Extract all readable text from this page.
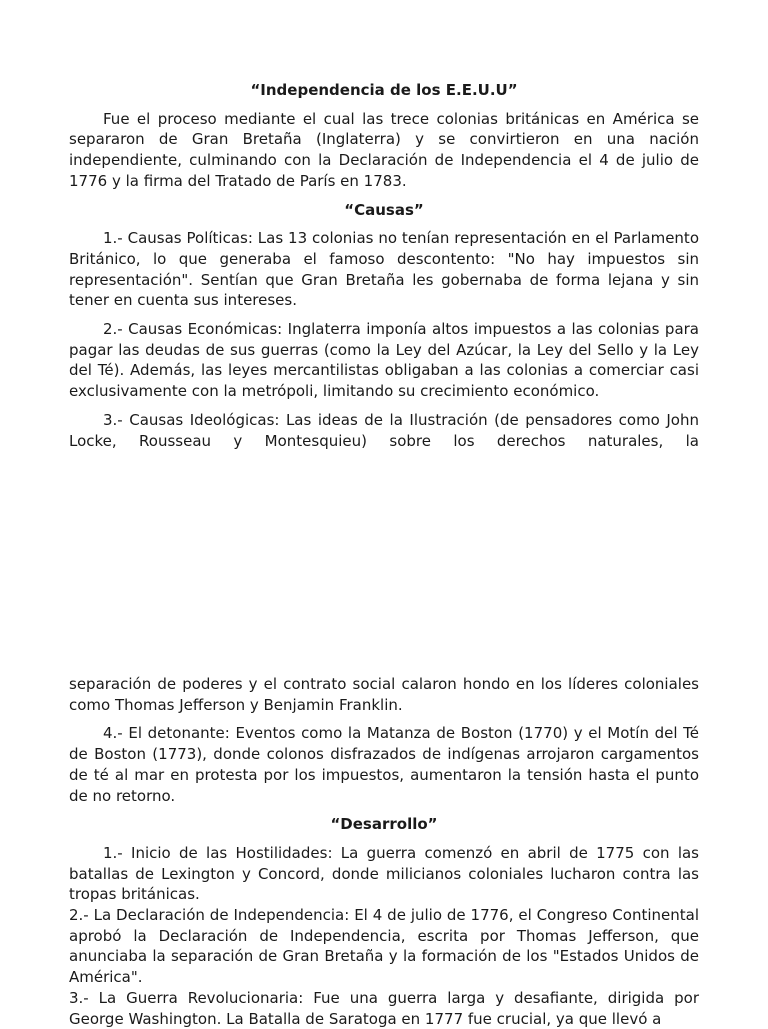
“Independencia de los E.E.U.U”

Fue el proceso mediante el cual las trece colonias británicas en América se separaron de Gran Bretaña (Inglaterra) y se convirtieron en una nación independiente, culminando con la Declaración de Independencia el 4 de julio de 1776 y la firma del Tratado de París en 1783.

“Causas”

1.- Causas Políticas: Las 13 colonias no tenían representación en el Parlamento Británico, lo que generaba el famoso descontento: "No hay impuestos sin representación". Sentían que Gran Bretaña les gobernaba de forma lejana y sin tener en cuenta sus intereses.

2.- Causas Económicas: Inglaterra imponía altos impuestos a las colonias para pagar las deudas de sus guerras (como la Ley del Azúcar, la Ley del Sello y la Ley del Té). Además, las leyes mercantilistas obligaban a las colonias a comerciar casi exclusivamente con la metrópoli, limitando su crecimiento económico.

3.- Causas Ideológicas: Las ideas de la Ilustración (de pensadores como John Locke, Rousseau y Montesquieu) sobre los derechos naturales, la

separación de poderes y el contrato social calaron hondo en los líderes coloniales como Thomas Jefferson y Benjamin Franklin.

4.- El detonante: Eventos como la Matanza de Boston (1770) y el Motín del Té de Boston (1773), donde colonos disfrazados de indígenas arrojaron cargamentos de té al mar en protesta por los impuestos, aumentaron la tensión hasta el punto de no retorno.

“Desarrollo”

1.- Inicio de las Hostilidades: La guerra comenzó en abril de 1775 con las batallas de Lexington y Concord, donde milicianos coloniales lucharon contra las tropas británicas.

2.- La Declaración de Independencia: El 4 de julio de 1776, el Congreso Continental aprobó la Declaración de Independencia, escrita por Thomas Jefferson, que anunciaba la separación de Gran Bretaña y la formación de los "Estados Unidos de América".

3.- La Guerra Revolucionaria: Fue una guerra larga y desafiante, dirigida por George Washington. La Batalla de Saratoga en 1777 fue crucial, ya que llevó a
